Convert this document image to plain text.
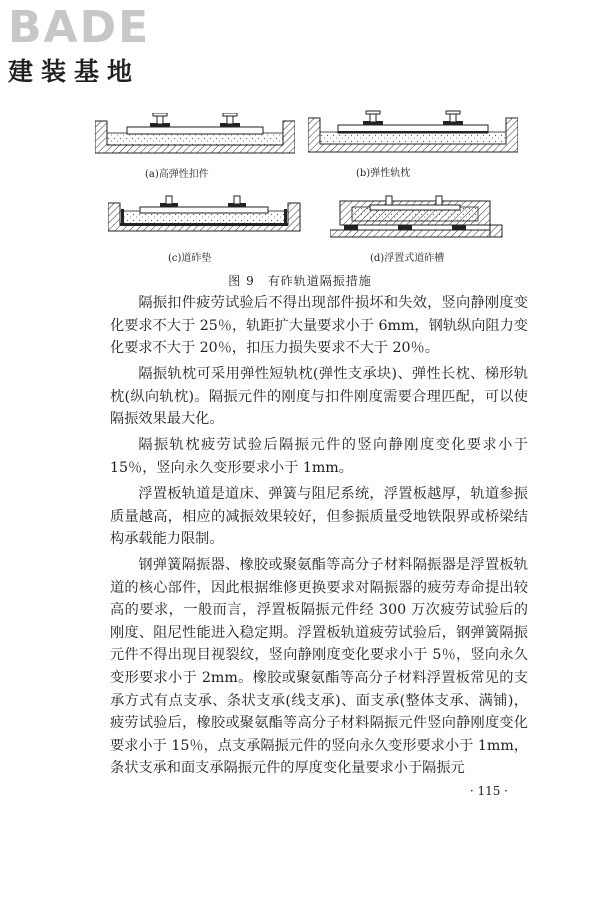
BADE
建装基地
(a)高弹性扣件	(b)弹性轨枕
(c)道砟垫	(d)浮置式道砟槽
图 9　有砟轨道隔振措施

隔振扣件疲劳试验后不得出现部件损坏和失效，竖向静刚度变化要求不大于 25％，轨距扩大量要求小于 6mm，钢轨纵向阻力变化要求不大于 20％，扣压力损失要求不大于 20％。

隔振轨枕可采用弹性短轨枕(弹性支承块)、弹性长枕、梯形轨枕(纵向轨枕)。隔振元件的刚度与扣件刚度需要合理匹配，可以使隔振效果最大化。

隔振轨枕疲劳试验后隔振元件的竖向静刚度变化要求小于 15％，竖向永久变形要求小于 1mm。

浮置板轨道是道床、弹簧与阻尼系统，浮置板越厚，轨道参振质量越高，相应的减振效果较好，但参振质量受地铁限界或桥梁结构承载能力限制。

钢弹簧隔振器、橡胶或聚氨酯等高分子材料隔振器是浮置板轨道的核心部件，因此根据维修更换要求对隔振器的疲劳寿命提出较高的要求，一般而言，浮置板隔振元件经 300 万次疲劳试验后的刚度、阻尼性能进入稳定期。浮置板轨道疲劳试验后，钢弹簧隔振元件不得出现目视裂纹，竖向静刚度变化要求小于 5％，竖向永久变形要求小于 2mm。橡胶或聚氨酯等高分子材料浮置板常见的支承方式有点支承、条状支承(线支承)、面支承(整体支承、满铺)，疲劳试验后，橡胶或聚氨酯等高分子材料隔振元件竖向静刚度变化要求小于 15％，点支承隔振元件的竖向永久变形要求小于 1mm，条状支承和面支承隔振元件的厚度变化量要求小于隔振元

· 115 ·
